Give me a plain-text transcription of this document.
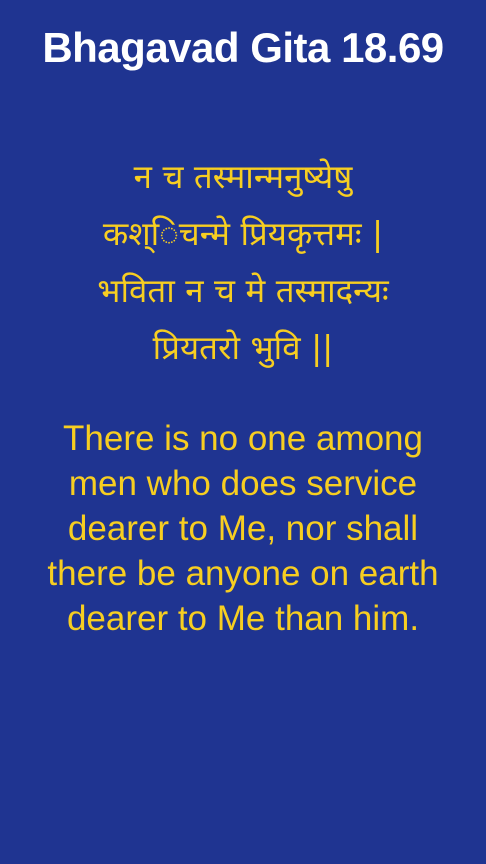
Bhagavad Gita 18.69
न च तस्मान्मनुष्येषु
कश्ि‍चन्मे प्रियकृत्तमः |
भविता न च मे तस्मादन्यः
प्रियतरो भुवि ||
There is no one among
men who does service
dearer to Me, nor shall
there be anyone on earth
dearer to Me than him.
